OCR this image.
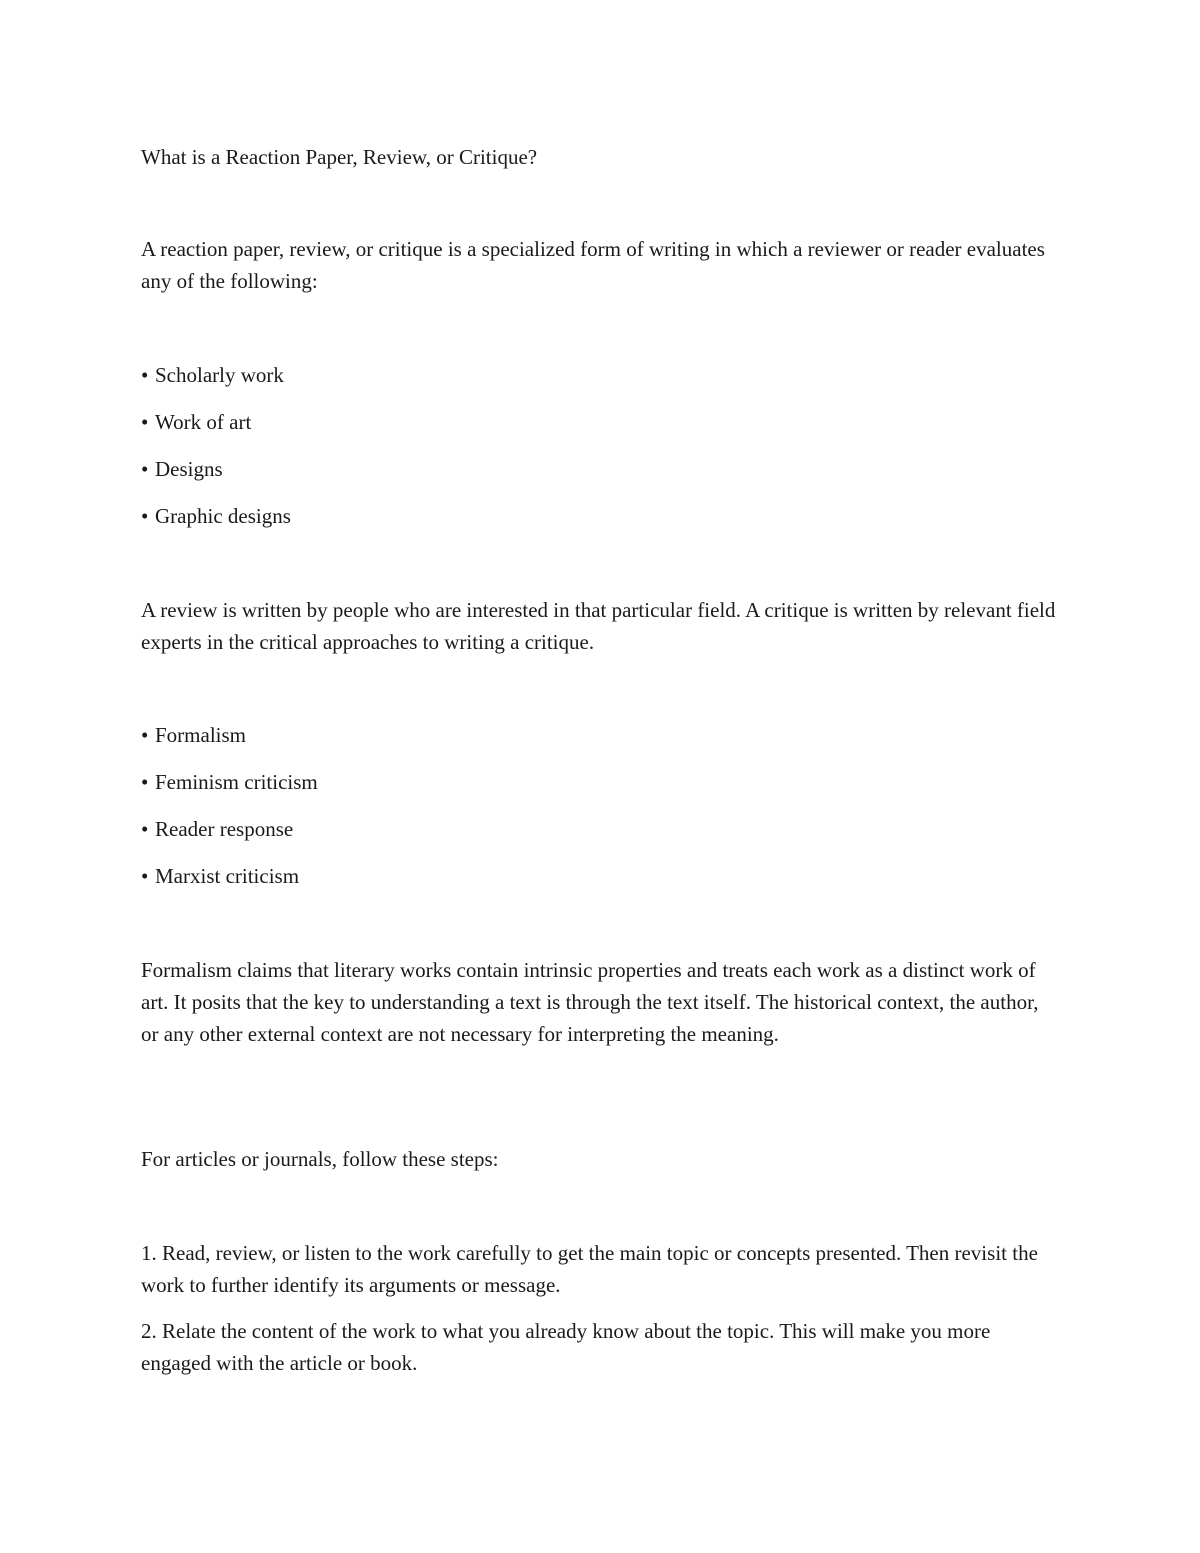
What is a Reaction Paper, Review, or Critique?

A reaction paper, review, or critique is a specialized form of writing in which a reviewer or reader evaluates any of the following:

• Scholarly work

• Work of art

• Designs

• Graphic designs

A review is written by people who are interested in that particular field. A critique is written by relevant field experts in the critical approaches to writing a critique.

• Formalism

• Feminism criticism

• Reader response

• Marxist criticism

Formalism claims that literary works contain intrinsic properties and treats each work as a distinct work of art. It posits that the key to understanding a text is through the text itself. The historical context, the author, or any other external context are not necessary for interpreting the meaning.

For articles or journals, follow these steps:

1. Read, review, or listen to the work carefully to get the main topic or concepts presented. Then revisit the work to further identify its arguments or message.

2. Relate the content of the work to what you already know about the topic. This will make you more engaged with the article or book.
